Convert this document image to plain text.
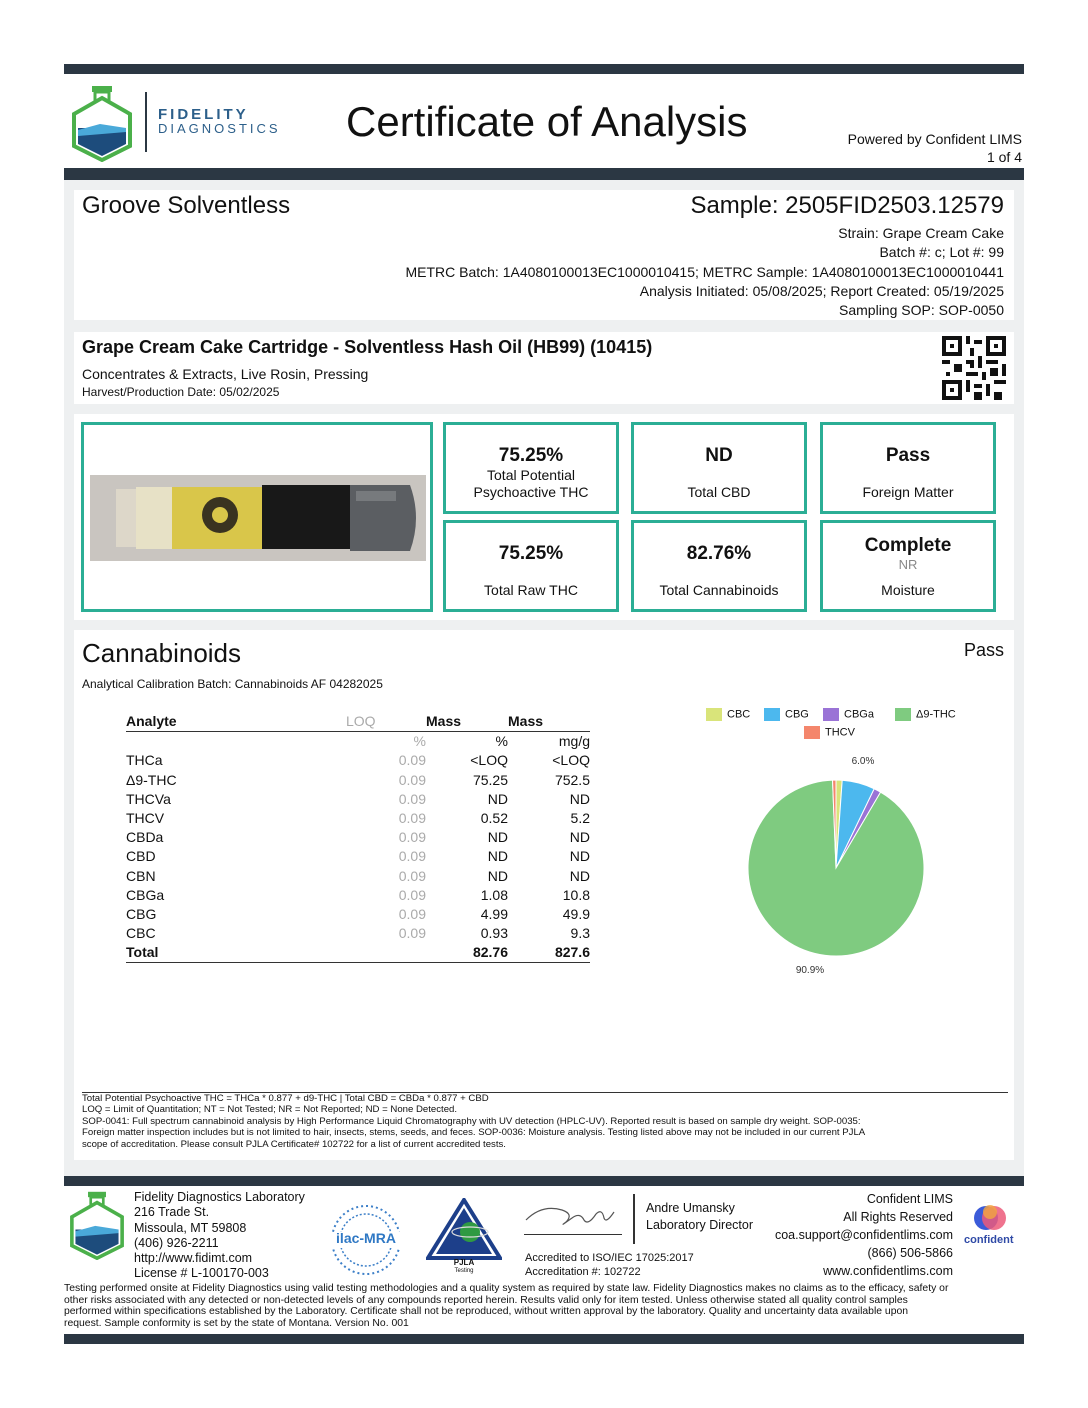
FIDELITY
DIAGNOSTICS Certificate of Analysis	Powered by Confident LIMS
1 of 4
Groove Solventless	Sample: 2505FID2503.12579
Strain: Grape Cream Cake
Batch #: c; Lot #: 99
METRC Batch: 1A4080100013EC1000010415; METRC Sample: 1A4080100013EC1000010441
Analysis Initiated: 05/08/2025; Report Created: 05/19/2025
Sampling SOP: SOP-0050
Grape Cream Cake Cartridge - Solventless Hash Oil (HB99) (10415)
Concentrates & Extracts, Live Rosin, Pressing
Harvest/Production Date: 05/02/2025
75.25%
Total Potential Psychoactive THC
ND
Total CBD
Pass
Foreign Matter
75.25%
Total Raw THC
82.76%
Total Cannabinoids
Complete
NR
Moisture
Cannabinoids	Pass
Analytical Calibration Batch: Cannabinoids AF 04282025
Analyte	LOQ	Mass	Mass
	%	%	mg/g
THCa	0.09	<LOQ	<LOQ
Δ9-THC	0.09	75.25	752.5
THCVa	0.09	ND	ND
THCV	0.09	0.52	5.2
CBDa	0.09	ND	ND
CBD	0.09	ND	ND
CBN	0.09	ND	ND
CBGa	0.09	1.08	10.8
CBG	0.09	4.99	49.9
CBC	0.09	0.93	9.3
Total		82.76	827.6
CBC	CBG	CBGa	Δ9-THC
THCV
6.0%
90.9%
Total Potential Psychoactive THC = THCa * 0.877 + d9-THC | Total CBD = CBDa * 0.877 + CBD
LOQ = Limit of Quantitation; NT = Not Tested; NR = Not Reported; ND = None Detected.
SOP-0041: Full spectrum cannabinoid analysis by High Performance Liquid Chromatography with UV detection (HPLC-UV). Reported result is based on sample dry weight. SOP-0035:
Foreign matter inspection includes but is not limited to hair, insects, stems, seeds, and feces. SOP-0036: Moisture analysis. Testing listed above may not be included in our current PJLA
scope of accreditation. Please consult PJLA Certificate# 102722 for a list of current accredited tests.
Fidelity Diagnostics Laboratory
216 Trade St.
Missoula, MT 59808
(406) 926-2211
http://www.fidimt.com
License # L-100170-003
ilac-MRA
PJLA
Testing
Andre Umansky
Laboratory Director
Accredited to ISO/IEC 17025:2017
Accreditation #: 102722
Confident LIMS
All Rights Reserved
coa.support@confidentlims.com
(866) 506-5866
www.confidentlims.com
confident
Testing performed onsite at Fidelity Diagnostics using valid testing methodologies and a quality system as required by state law. Fidelity Diagnostics makes no claims as to the efficacy, safety or
other risks associated with any detected or non-detected levels of any compounds reported herein. Results valid only for item tested. Unless otherwise stated all quality control samples
performed within specifications established by the Laboratory. Certificate shall not be reproduced, without written approval by the laboratory. Quality and uncertainty data available upon
request. Sample conformity is set by the state of Montana. Version No. 001
